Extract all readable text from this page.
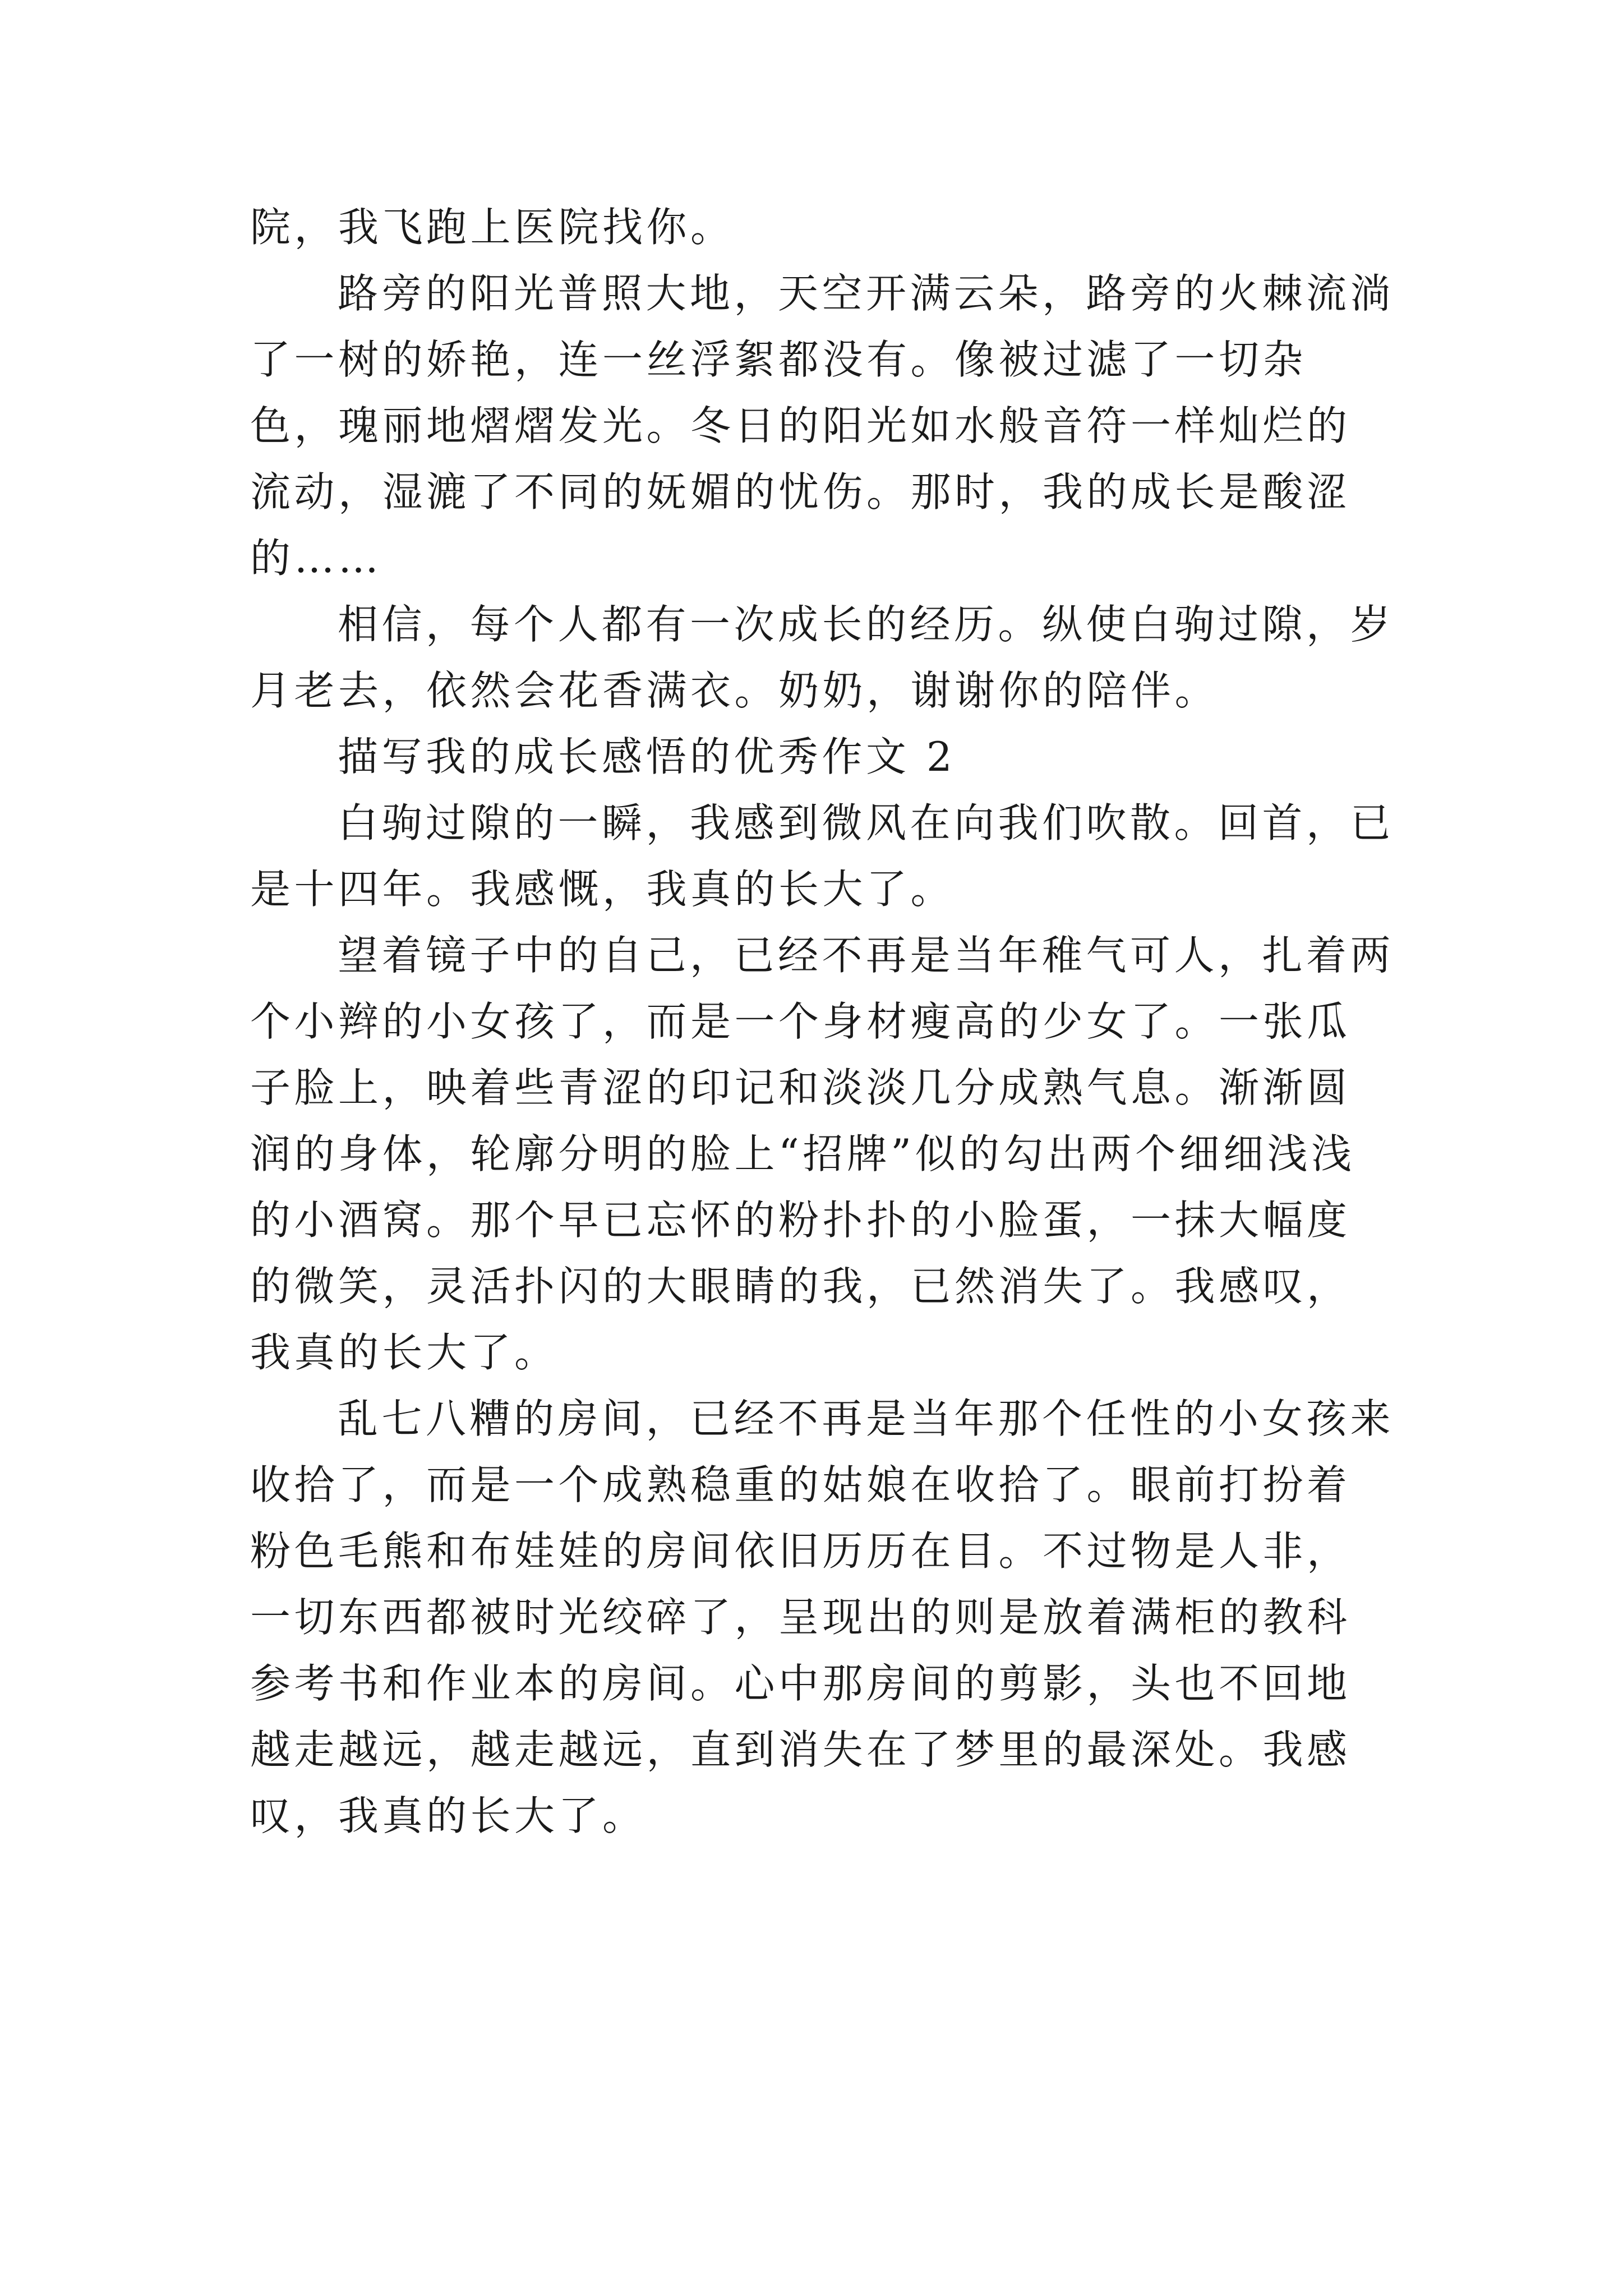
院，我飞跑上医院找你。

路旁的阳光普照大地，天空开满云朵，路旁的火棘流淌了一树的娇艳，连一丝浮絮都没有。像被过滤了一切杂色，瑰丽地熠熠发光。冬日的阳光如水般音符一样灿烂的流动，湿漉了不同的妩媚的忧伤。那时，我的成长是酸涩的……

相信，每个人都有一次成长的经历。纵使白驹过隙，岁月老去，依然会花香满衣。奶奶，谢谢你的陪伴。

描写我的成长感悟的优秀作文 2

白驹过隙的一瞬，我感到微风在向我们吹散。回首，已是十四年。我感慨，我真的长大了。

望着镜子中的自己，已经不再是当年稚气可人，扎着两个小辫的小女孩了，而是一个身材瘦高的少女了。一张瓜子脸上，映着些青涩的印记和淡淡几分成熟气息。渐渐圆润的身体，轮廓分明的脸上“招牌”似的勾出两个细细浅浅的小酒窝。那个早已忘怀的粉扑扑的小脸蛋，一抹大幅度的微笑，灵活扑闪的大眼睛的我，已然消失了。我感叹，我真的长大了。

乱七八糟的房间，已经不再是当年那个任性的小女孩来收拾了，而是一个成熟稳重的姑娘在收拾了。眼前打扮着粉色毛熊和布娃娃的房间依旧历历在目。不过物是人非，一切东西都被时光绞碎了，呈现出的则是放着满柜的教科参考书和作业本的房间。心中那房间的剪影，头也不回地越走越远，越走越远，直到消失在了梦里的最深处。我感叹，我真的长大了。
